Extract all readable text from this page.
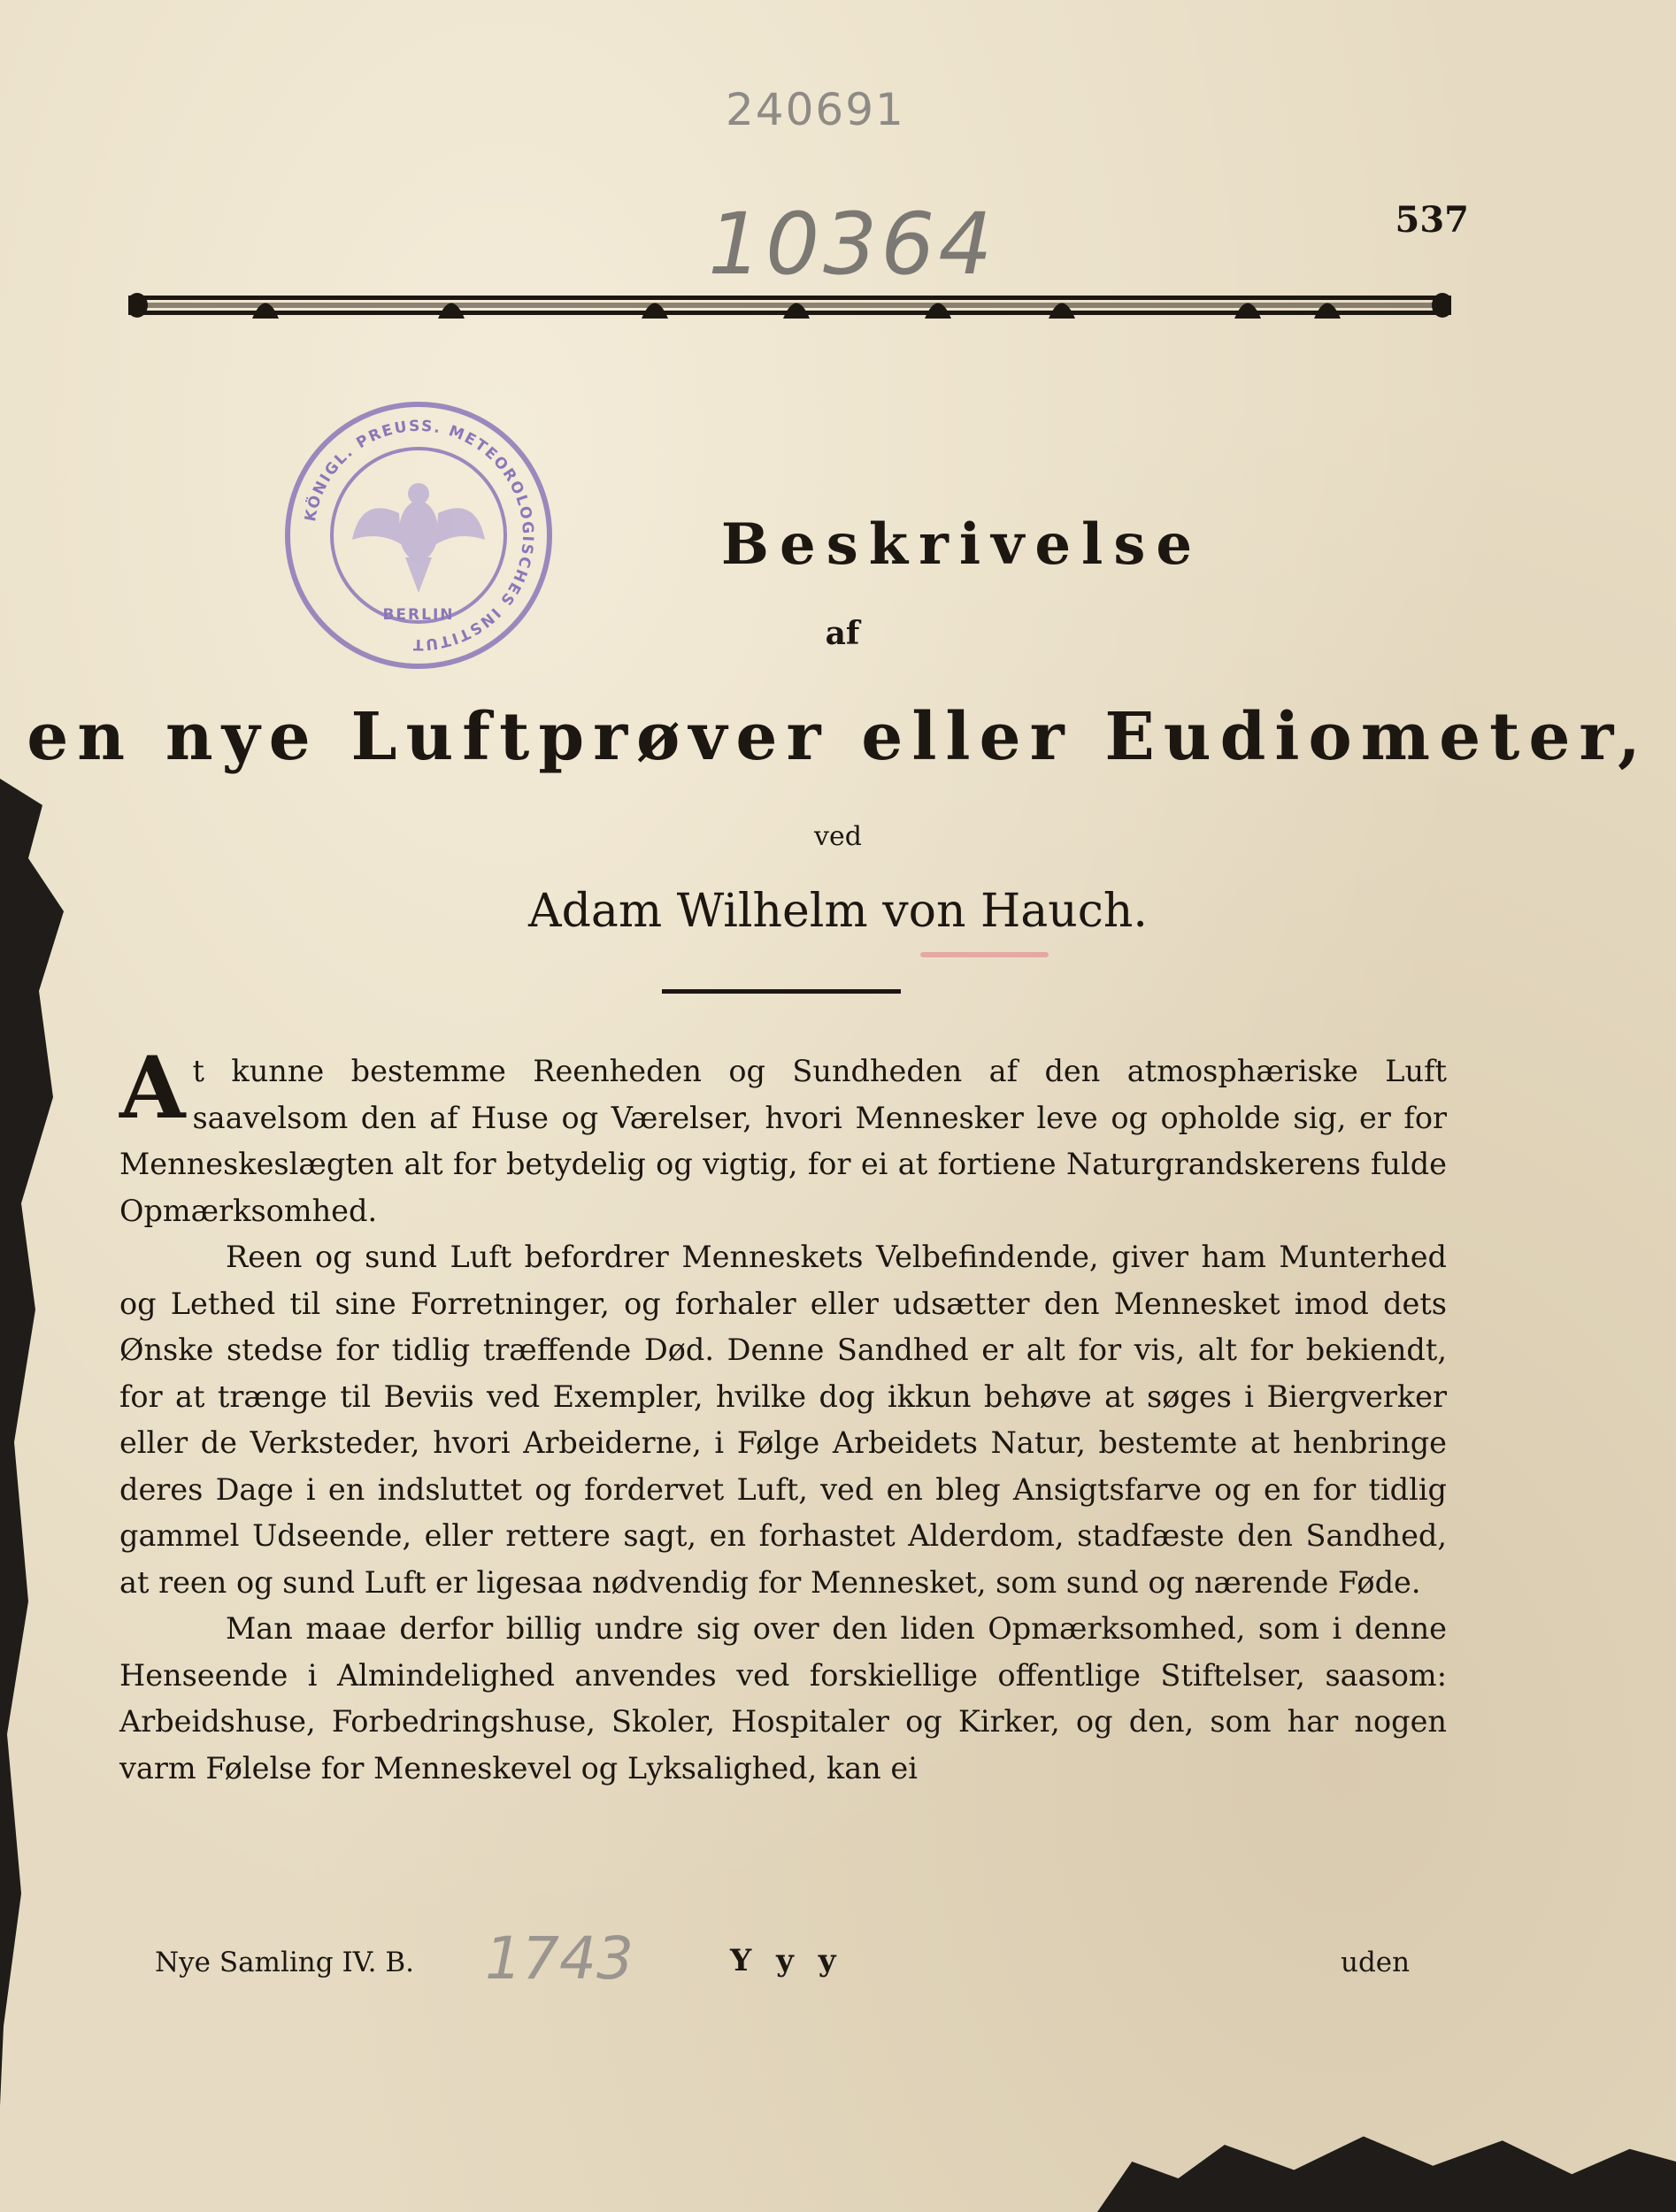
240691
10364	537
KÖNIGL. PREUSS. METEOROLOGISCHES INSTITUT
BERLIN
Beskrivelse
af
en nye Luftprøver eller Eudiometer,
ved
Adam Wilhelm von Hauch.

At kunne bestemme Reenheden og Sundheden af den atmosphæriske Luft saavelsom den af Huse og Værelser, hvori Mennesker leve og opholde sig, er for Menneskeslægten alt for betydelig og vigtig, for ei at fortiene Naturgrandskerens fulde Opmærksomhed.

Reen og sund Luft befordrer Menneskets Velbefindende, giver ham Munterhed og Lethed til sine Forretninger, og forhaler eller udsætter den Mennesket imod dets Ønske stedse for tidlig træffende Død. Denne Sandhed er alt for vis, alt for bekiendt, for at trænge til Beviis ved Exempler, hvilke dog ikkun behøve at søges i Biergverker eller de Verksteder, hvori Arbeiderne, i Følge Arbeidets Natur, bestemte at henbringe deres Dage i en indsluttet og fordervet Luft, ved en bleg Ansigtsfarve og en for tidlig gammel Udseende, eller rettere sagt, en forhastet Alderdom, stadfæste den Sandhed, at reen og sund Luft er ligesaa nødvendig for Mennesket, som sund og nærende Føde.

Man maae derfor billig undre sig over den liden Opmærksomhed, som i denne Henseende i Almindelighed anvendes ved forskiellige offentlige Stiftelser, saasom: Arbeidshuse, Forbedringshuse, Skoler, Hospitaler og Kirker, og den, som har nogen varm Følelse for Menneskevel og Lyksalighed, kan ei

Nye Samling IV. B.	Y y y	uden
1743
